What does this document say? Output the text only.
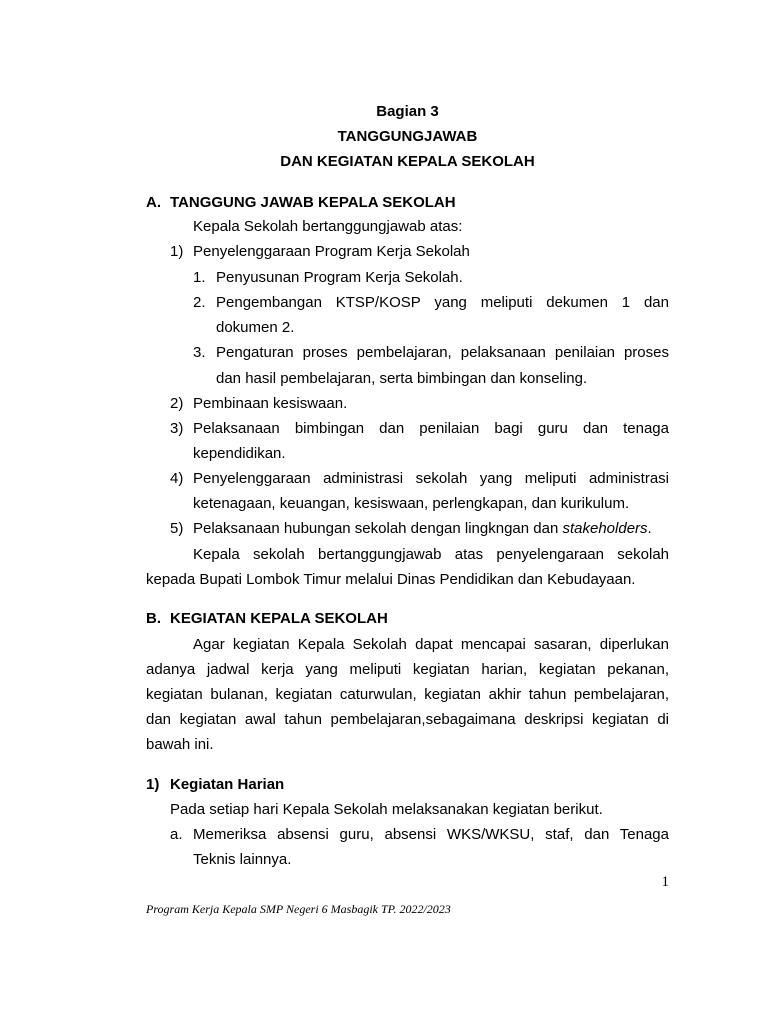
Bagian 3
TANGGUNGJAWAB
DAN KEGIATAN KEPALA SEKOLAH
A. TANGGUNG JAWAB KEPALA SEKOLAH
Kepala Sekolah bertanggungjawab atas:
1) Penyelenggaraan Program Kerja Sekolah
1. Penyusunan Program Kerja Sekolah.
2. Pengembangan KTSP/KOSP yang meliputi dekumen 1 dan
dokumen 2.
3. Pengaturan proses pembelajaran, pelaksanaan penilaian proses
dan hasil pembelajaran, serta bimbingan dan konseling.
2) Pembinaan kesiswaan.
3) Pelaksanaan bimbingan dan penilaian bagi guru dan tenaga
kependidikan.
4) Penyelenggaraan administrasi sekolah yang meliputi administrasi
ketenagaan, keuangan, kesiswaan, perlengkapan, dan kurikulum.
5) Pelaksanaan hubungan sekolah dengan lingkngan dan stakeholders.
Kepala sekolah bertanggungjawab atas penyelengaraan sekolah
kepada Bupati Lombok Timur melalui Dinas Pendidikan dan Kebudayaan.
B. KEGIATAN KEPALA SEKOLAH
Agar kegiatan Kepala Sekolah dapat mencapai sasaran, diperlukan
adanya jadwal kerja yang meliputi kegiatan harian, kegiatan pekanan,
kegiatan bulanan, kegiatan caturwulan, kegiatan akhir tahun pembelajaran,
dan kegiatan awal tahun pembelajaran,sebagaimana deskripsi kegiatan di
bawah ini.
1) Kegiatan Harian
Pada setiap hari Kepala Sekolah melaksanakan kegiatan berikut.
a. Memeriksa absensi guru, absensi WKS/WKSU, staf, dan Tenaga
Teknis lainnya.
1
Program Kerja Kepala SMP Negeri 6 Masbagik TP. 2022/2023
